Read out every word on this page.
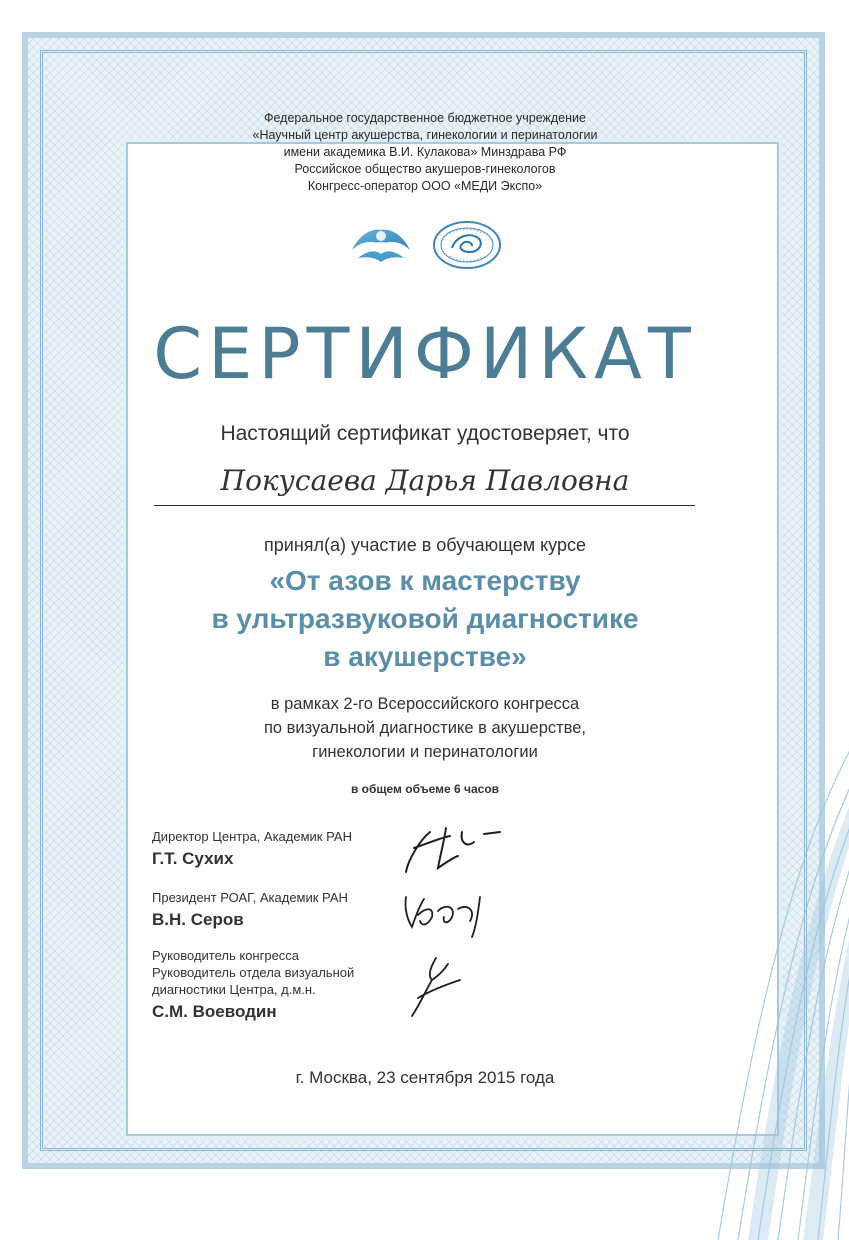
Федеральное государственное бюджетное учреждение
«Научный центр акушерства, гинекологии и перинатологии
имени академика В.И. Кулакова» Минздрава РФ
Российское общество акушеров-гинекологов
Конгресс-оператор ООО «МЕДИ Экспо»
СЕРТИФИКАТ
Настоящий сертификат удостоверяет, что
Покусаева Дарья Павловна
принял(а) участие в обучающем курсе
«От азов к мастерству
в ультразвуковой диагностике
в акушерстве»
в рамках 2-го Всероссийского конгресса
по визуальной диагностике в акушерстве,
гинекологии и перинатологии
в общем объеме 6 часов
Директор Центра, Академик РАН
Г.Т. Сухих
Президент РОАГ, Академик РАН
В.Н. Серов
Руководитель конгресса
Руководитель отдела визуальной
диагностики Центра, д.м.н.
С.М. Воеводин
г. Москва, 23 сентября 2015 года
